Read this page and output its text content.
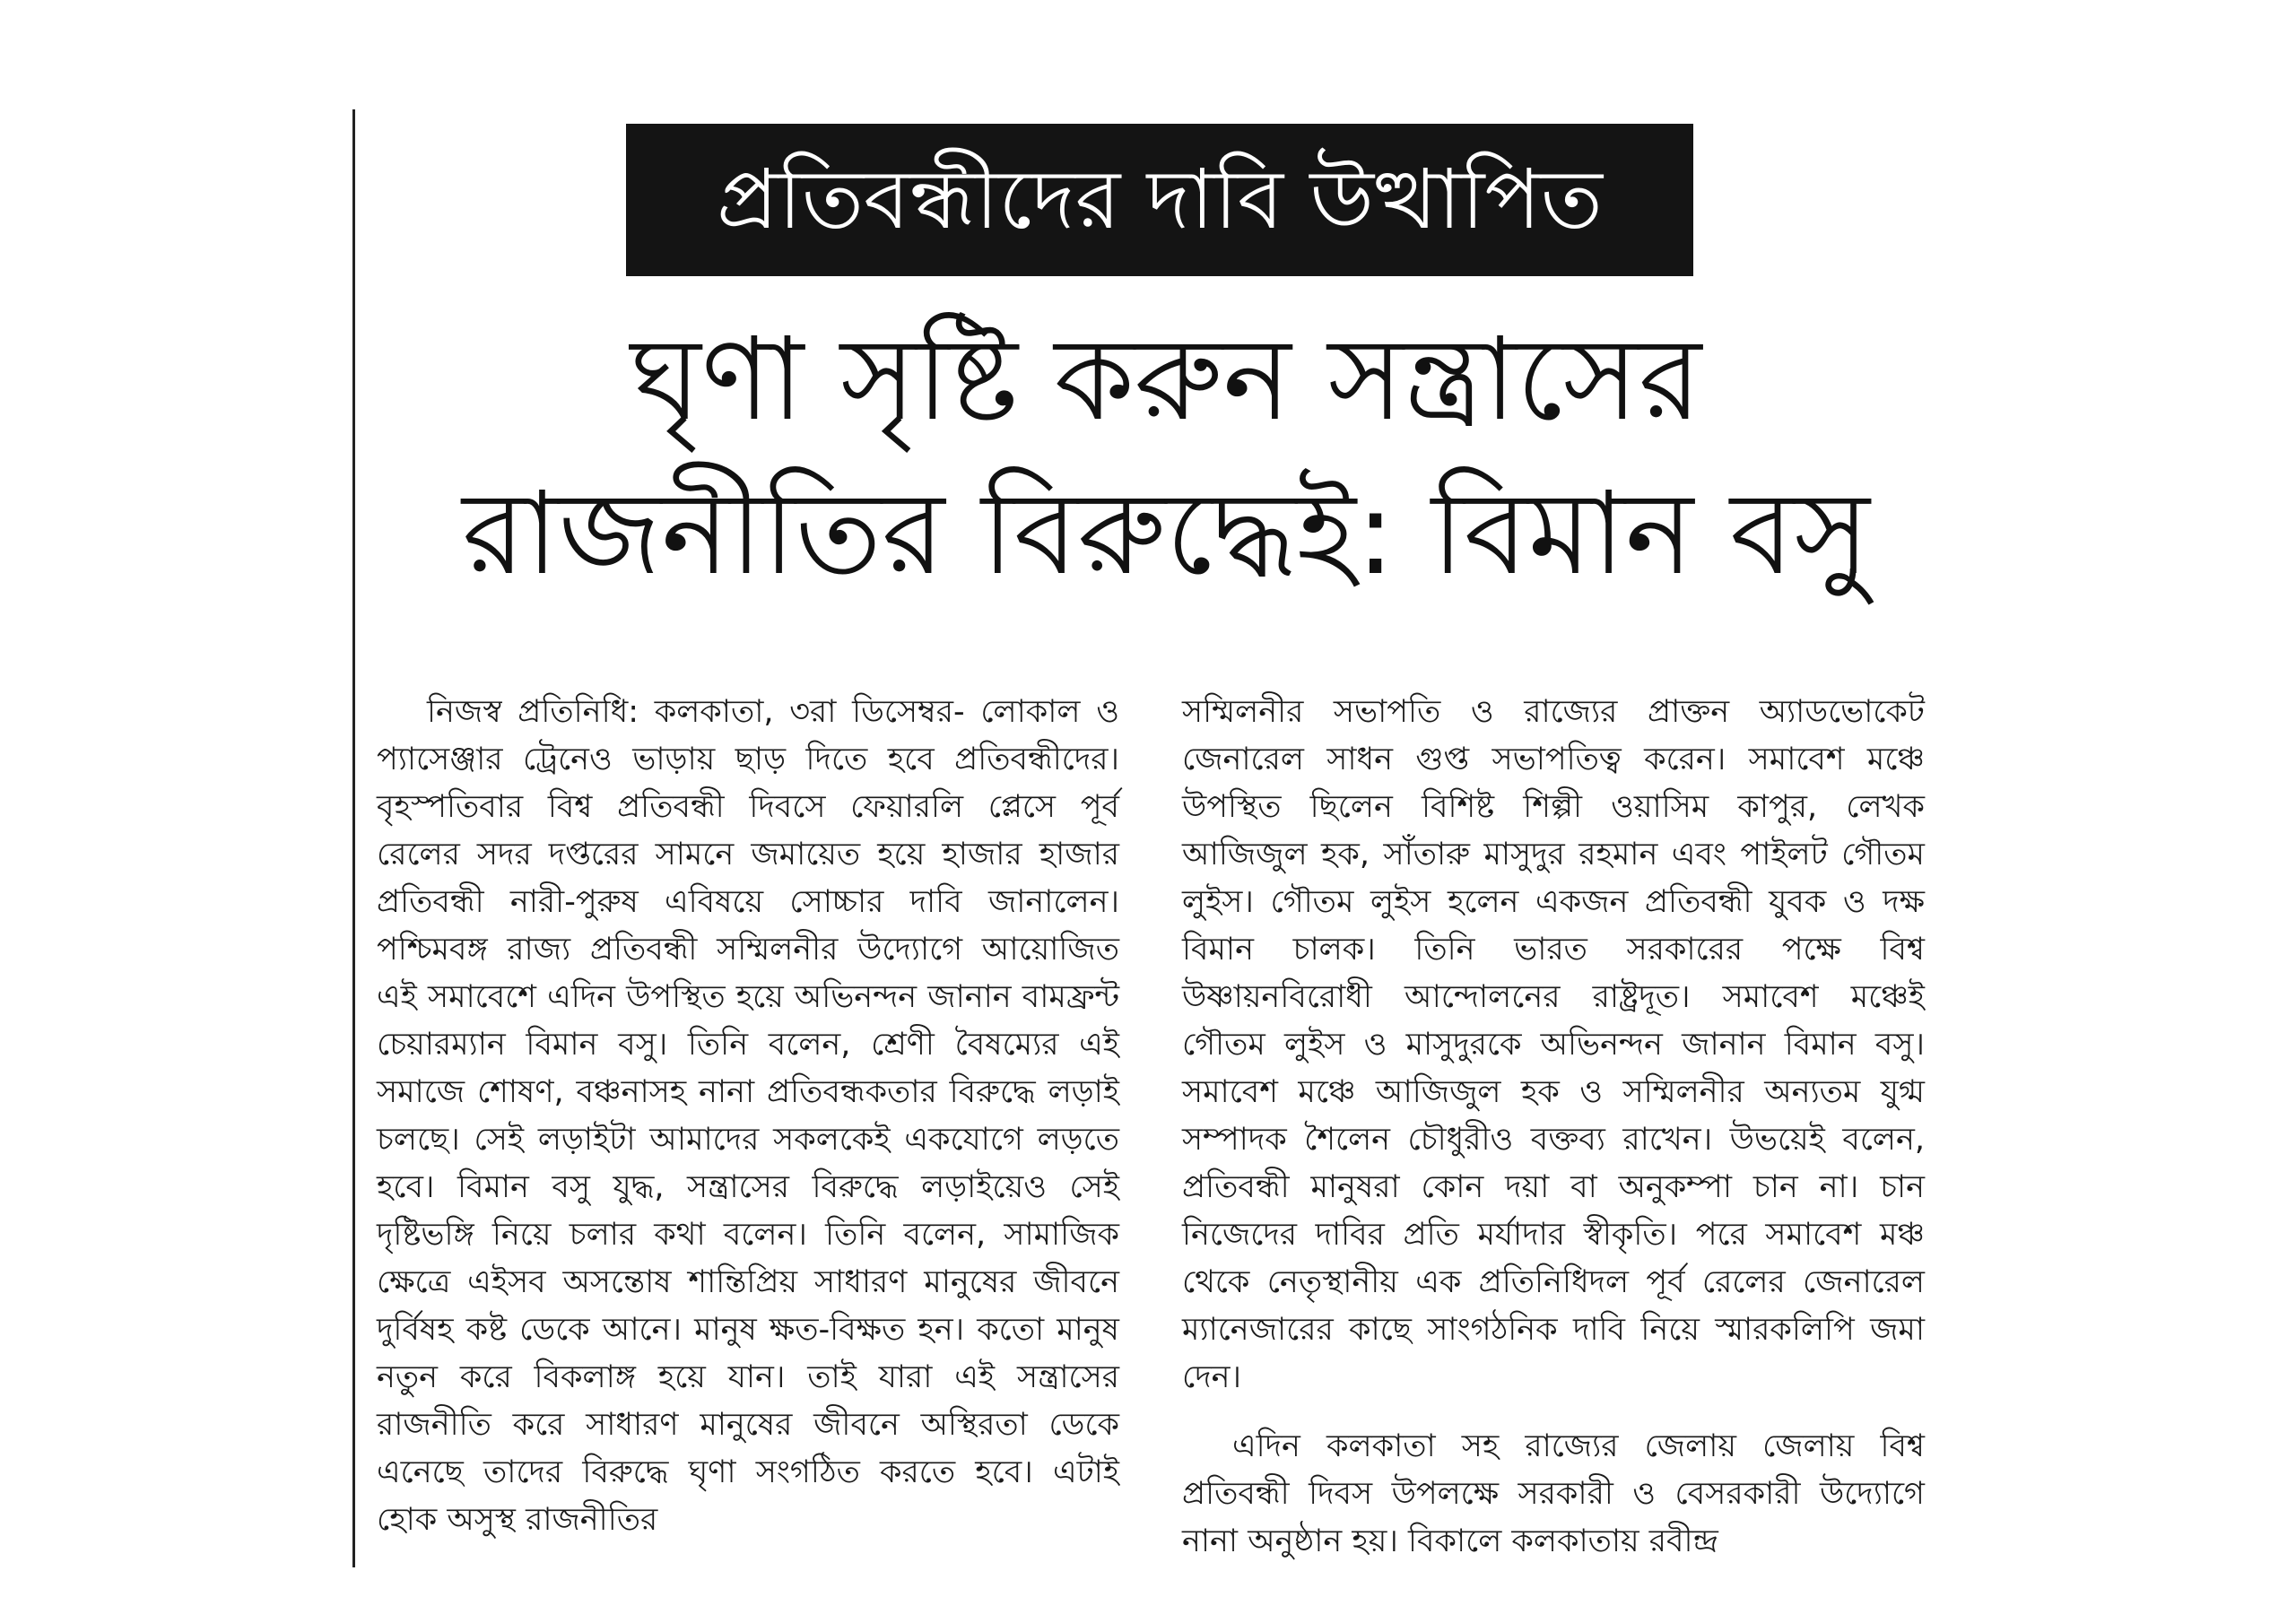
প্রতিবন্ধীদের দাবি উত্থাপিত
ঘৃণা সৃষ্টি করুন সন্ত্রাসের
রাজনীতির বিরুদ্ধেই: বিমান বসু

নিজস্ব প্রতিনিধি: কলকাতা, ৩রা ডিসেম্বর- লোকাল ও প্যাসেঞ্জার ট্রেনেও ভাড়ায় ছাড় দিতে হবে প্রতিবন্ধীদের। বৃহস্পতিবার বিশ্ব প্রতিবন্ধী দিবসে ফেয়ারলি প্লেসে পূর্ব রেলের সদর দপ্তরের সামনে জমায়েত হয়ে হাজার হাজার প্রতিবন্ধী নারী-পুরুষ এবিষয়ে সোচ্চার দাবি জানালেন। পশ্চিমবঙ্গ রাজ্য প্রতিবন্ধী সম্মিলনীর উদ্যোগে আয়োজিত এই সমাবেশে এদিন উপস্থিত হয়ে অভিনন্দন জানান বামফ্রন্ট চেয়ারম্যান বিমান বসু। তিনি বলেন, শ্রেণী বৈষম্যের এই সমাজে শোষণ, বঞ্চনাসহ নানা প্রতিবন্ধকতার বিরুদ্ধে লড়াই চলছে। সেই লড়াইটা আমাদের সকলকেই একযোগে লড়তে হবে। বিমান বসু যুদ্ধ, সন্ত্রাসের বিরুদ্ধে লড়াইয়েও সেই দৃষ্টিভঙ্গি নিয়ে চলার কথা বলেন। তিনি বলেন, সামাজিক ক্ষেত্রে এইসব অসন্তোষ শান্তিপ্রিয় সাধারণ মানুষের জীবনে দুর্বিষহ কষ্ট ডেকে আনে। মানুষ ক্ষত-বিক্ষত হন। কতো মানুষ নতুন করে বিকলাঙ্গ হয়ে যান। তাই যারা এই সন্ত্রাসের রাজনীতি করে সাধারণ মানুষের জীবনে অস্থিরতা ডেকে এনেছে তাদের বিরুদ্ধে ঘৃণা সংগঠিত করতে হবে। এটাই হোক অসুস্থ রাজনীতির

সম্মিলনীর সভাপতি ও রাজ্যের প্রাক্তন অ্যাডভোকেট জেনারেল সাধন গুপ্ত সভাপতিত্ব করেন। সমাবেশ মঞ্চে উপস্থিত ছিলেন বিশিষ্ট শিল্পী ওয়াসিম কাপুর, লেখক আজিজুল হক, সাঁতারু মাসুদুর রহমান এবং পাইলট গৌতম লুইস। গৌতম লুইস হলেন একজন প্রতিবন্ধী যুবক ও দক্ষ বিমান চালক। তিনি ভারত সরকারের পক্ষে বিশ্ব উষ্ণায়নবিরোধী আন্দোলনের রাষ্ট্রদূত। সমাবেশ মঞ্চেই গৌতম লুইস ও মাসুদুরকে অভিনন্দন জানান বিমান বসু। সমাবেশ মঞ্চে আজিজুল হক ও সম্মিলনীর অন্যতম যুগ্ম সম্পাদক শৈলেন চৌধুরীও বক্তব্য রাখেন। উভয়েই বলেন, প্রতিবন্ধী মানুষরা কোন দয়া বা অনুকম্পা চান না। চান নিজেদের দাবির প্রতি মর্যাদার স্বীকৃতি। পরে সমাবেশ মঞ্চ থেকে নেতৃস্থানীয় এক প্রতিনিধিদল পূর্ব রেলের জেনারেল ম্যানেজারের কাছে সাংগঠনিক দাবি নিয়ে স্মারকলিপি জমা দেন।

এদিন কলকাতা সহ রাজ্যের জেলায় জেলায় বিশ্ব প্রতিবন্ধী দিবস উপলক্ষে সরকারী ও বেসরকারী উদ্যোগে নানা অনুষ্ঠান হয়। বিকালে কলকাতায় রবীন্দ্র
